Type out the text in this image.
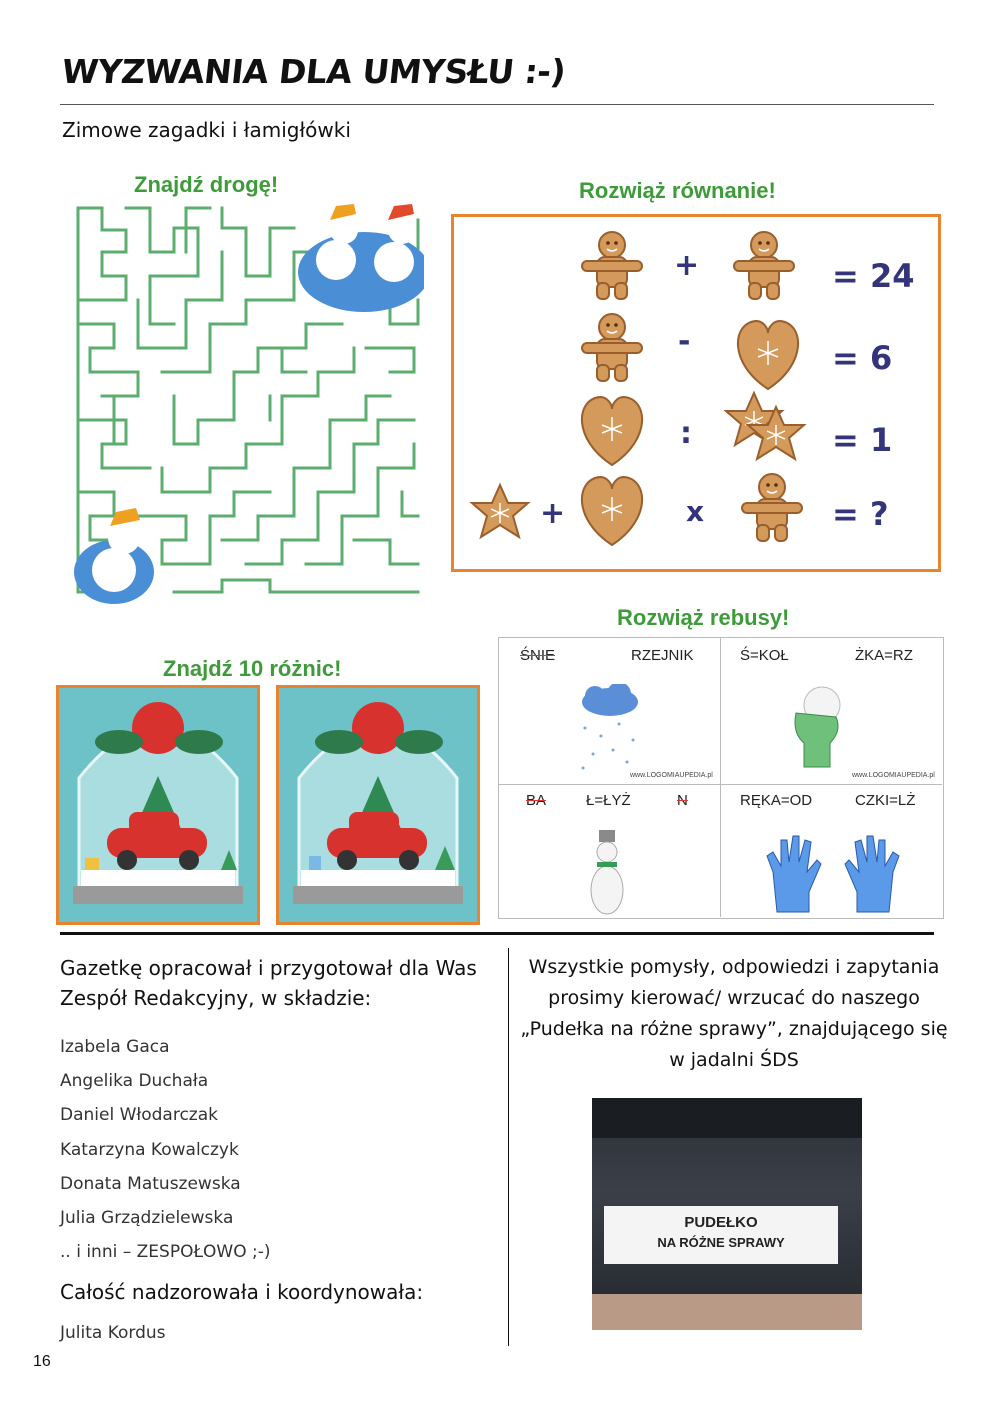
WYZWANIA DLA UMYSŁU :-)
Zimowe zagadki i łamigłówki
Znajdź drogę!	Rozwiąż równanie!
+	= 24
-	= 6
:	= 1
+	x	= ?
Znajdź 10 różnic!
Rozwiąż rebusy!
ŚNIE	RZEJNIK
www.LOGOMIAUPEDIA.pl
Ś=KOŁ	ŻKA=RZ
www.LOGOMIAUPEDIA.pl
BA	Ł=ŁYŻ	N	RĘKA=OD	CZKI=LŻ
Gazetkę opracował i przygotował dla Was Zespół Redakcyjny, w składzie:
Izabela Gaca
Angelika Duchała
Daniel Włodarczak
Katarzyna Kowalczyk
Donata Matuszewska
Julia Grządzielewska
.. i inni – ZESPOŁOWO ;-)
Całość nadzorowała i koordynowała:
Julita Kordus
Wszystkie pomysły, odpowiedzi i zapytania prosimy kierować/ wrzucać do naszego „Pudełka na różne sprawy”, znajdującego się w jadalni ŚDS
PUDEŁKO
NA RÓŻNE SPRAWY
16
